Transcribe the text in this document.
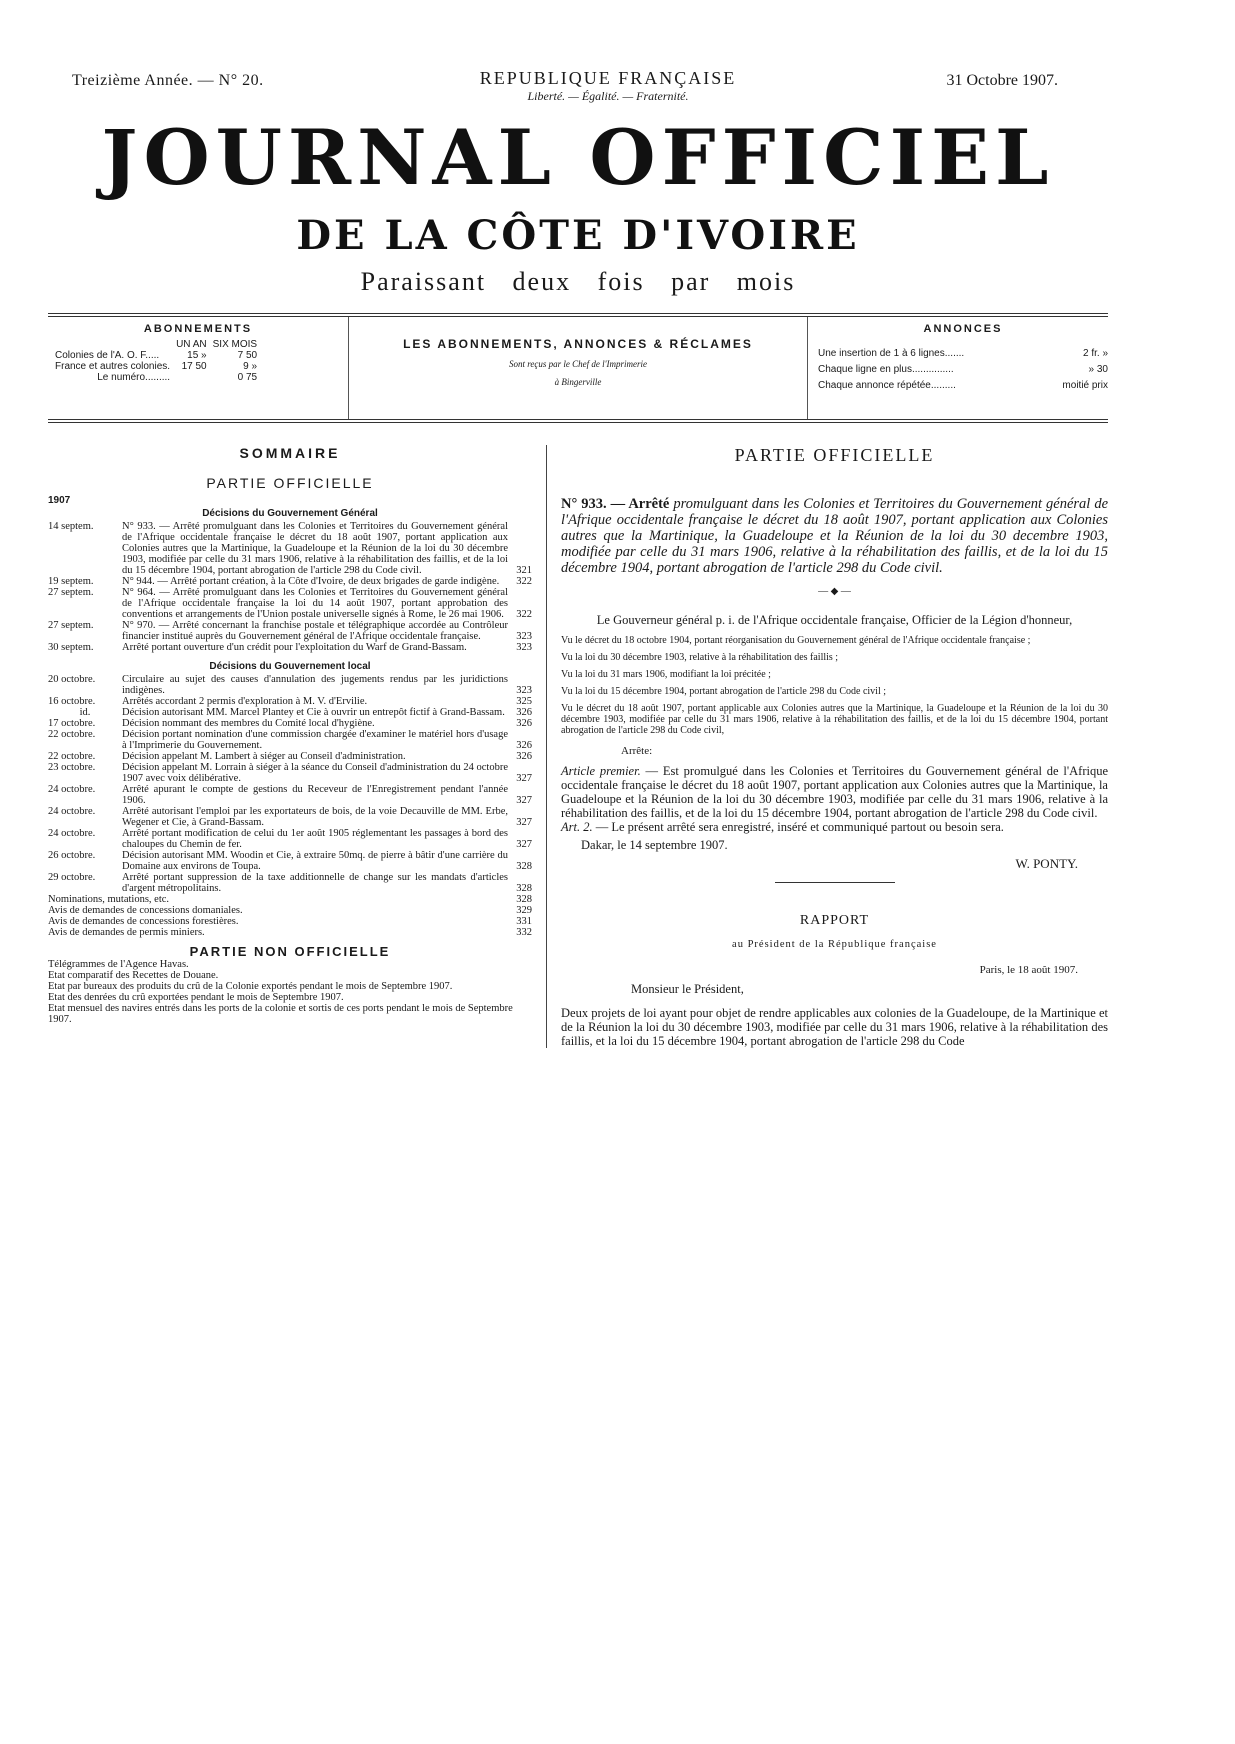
Treizième Année. — N° 20.	REPUBLIQUE FRANÇAISE
Liberté. — Égalité. — Fraternité.
31 Octobre 1907.
JOURNAL OFFICIEL
DE LA CÔTE D'IVOIRE
Paraissant deux fois par mois
ABONNEMENTS
	UN AN	SIX MOIS
Colonies de l'A. O. F.....	15 »	7 50
France et autres colonies.	17 50	9 »
Le numéro.........		0 75
LES ABONNEMENTS, ANNONCES & RÉCLAMES
Sont reçus par le Chef de l'Imprimerie
à Bingerville
ANNONCES
Une insertion de 1 à 6 lignes.......	2 fr. »
Chaque ligne en plus...............	» 30
Chaque annonce répétée.........	moitié prix
SOMMAIRE
PARTIE OFFICIELLE
1907
Décisions du Gouvernement Général
14 septem.	N° 933. — Arrêté promulguant dans les Colonies et Territoires du Gouvernement général de l'Afrique occidentale française le décret du 18 août 1907, portant application aux Colonies autres que la Martinique, la Guadeloupe et la Réunion de la loi du 30 décembre 1903, modifiée par celle du 31 mars 1906, relative à la réhabilitation des faillis, et de la loi du 15 décembre 1904, portant abrogation de l'article 298 du Code civil.	321
19 septem.	N° 944. — Arrêté portant création, à la Côte d'Ivoire, de deux brigades de garde indigène.	322
27 septem.	N° 964. — Arrêté promulguant dans les Colonies et Territoires du Gouvernement général de l'Afrique occidentale française la loi du 14 août 1907, portant approbation des conventions et arrangements de l'Union postale universelle signés à Rome, le 26 mai 1906.	322
27 septem.	N° 970. — Arrêté concernant la franchise postale et télégraphique accordée au Contrôleur financier institué auprès du Gouvernement général de l'Afrique occidentale française.	323
30 septem.	Arrêté portant ouverture d'un crédit pour l'exploitation du Warf de Grand-Bassam.	323
Décisions du Gouvernement local
20 octobre.	Circulaire au sujet des causes d'annulation des jugements rendus par les juridictions indigènes.	323
16 octobre.	Arrêtés accordant 2 permis d'exploration à M. V. d'Ervilie.	325
id.	Décision autorisant MM. Marcel Plantey et Cie à ouvrir un entrepôt fictif à Grand-Bassam.	326
17 octobre.	Décision nommant des membres du Comité local d'hygiène.	326
22 octobre.	Décision portant nomination d'une commission chargée d'examiner le matériel hors d'usage à l'Imprimerie du Gouvernement.	326
22 octobre.	Décision appelant M. Lambert à siéger au Conseil d'administration.	326
23 octobre.	Décision appelant M. Lorrain à siéger à la séance du Conseil d'administration du 24 octobre 1907 avec voix délibérative.	327
24 octobre.	Arrêté apurant le compte de gestions du Receveur de l'Enregistrement pendant l'année 1906.	327
24 octobre.	Arrêté autorisant l'emploi par les exportateurs de bois, de la voie Decauville de MM. Erbe, Wegener et Cie, à Grand-Bassam.	327
24 octobre.	Arrêté portant modification de celui du 1er août 1905 réglementant les passages à bord des chaloupes du Chemin de fer.	327
26 octobre.	Décision autorisant MM. Woodin et Cie, à extraire 50mq. de pierre à bâtir d'une carrière du Domaine aux environs de Toupa.	328
29 octobre.	Arrêté portant suppression de la taxe additionnelle de change sur les mandats d'articles d'argent métropolitains.	328
Nominations, mutations, etc.	328
Avis de demandes de concessions domaniales.	329
Avis de demandes de concessions forestières.	331
Avis de demandes de permis miniers.	332
PARTIE NON OFFICIELLE
Télégrammes de l'Agence Havas.
Etat comparatif des Recettes de Douane.
Etat par bureaux des produits du crû de la Colonie exportés pendant le mois de Septembre 1907.
Etat des denrées du crû exportées pendant le mois de Septembre 1907.
Etat mensuel des navires entrés dans les ports de la colonie et sortis de ces ports pendant le mois de Septembre 1907.
PARTIE OFFICIELLE
N° 933. — Arrêté promulguant dans les Colonies et Territoires du Gouvernement général de l'Afrique occidentale française le décret du 18 août 1907, portant application aux Colonies autres que la Martinique, la Guadeloupe et la Réunion de la loi du 30 decembre 1903, modifiée par celle du 31 mars 1906, relative à la réhabilitation des faillis, et de la loi du 15 décembre 1904, portant abrogation de l'article 298 du Code civil.
— ◆ —
Le Gouverneur général p. i. de l'Afrique occidentale française, Officier de la Légion d'honneur,
Vu le décret du 18 octobre 1904, portant réorganisation du Gouvernement général de l'Afrique occidentale française ;
Vu la loi du 30 décembre 1903, relative à la réhabilitation des faillis ;
Vu la loi du 31 mars 1906, modifiant la loi précitée ;
Vu la loi du 15 décembre 1904, portant abrogation de l'article 298 du Code civil ;
Vu le décret du 18 août 1907, portant applicable aux Colonies autres que la Martinique, la Guadeloupe et la Réunion de la loi du 30 décembre 1903, modifiée par celle du 31 mars 1906, relative à la réhabilitation des faillis, et de la loi du 15 décembre 1904, portant abrogation de l'article 298 du Code civil,
Arrête:
Article premier. — Est promulgué dans les Colonies et Territoires du Gouvernement général de l'Afrique occidentale française le décret du 18 août 1907, portant application aux Colonies autres que la Martinique, la Guadeloupe et la Réunion de la loi du 30 décembre 1903, modifiée par celle du 31 mars 1906, relative à la réhabilitation des faillis, et de la loi du 15 décembre 1904, portant abrogation de l'article 298 du Code civil.
Art. 2. — Le présent arrêté sera enregistré, inséré et communiqué partout ou besoin sera.
Dakar, le 14 septembre 1907.
W. PONTY.
RAPPORT
au Président de la République française
Paris, le 18 août 1907.
Monsieur le Président,
Deux projets de loi ayant pour objet de rendre applicables aux colonies de la Guadeloupe, de la Martinique et de la Réunion la loi du 30 décembre 1903, modifiée par celle du 31 mars 1906, relative à la réhabilitation des faillis, et la loi du 15 décembre 1904, portant abrogation de l'article 298 du Code
